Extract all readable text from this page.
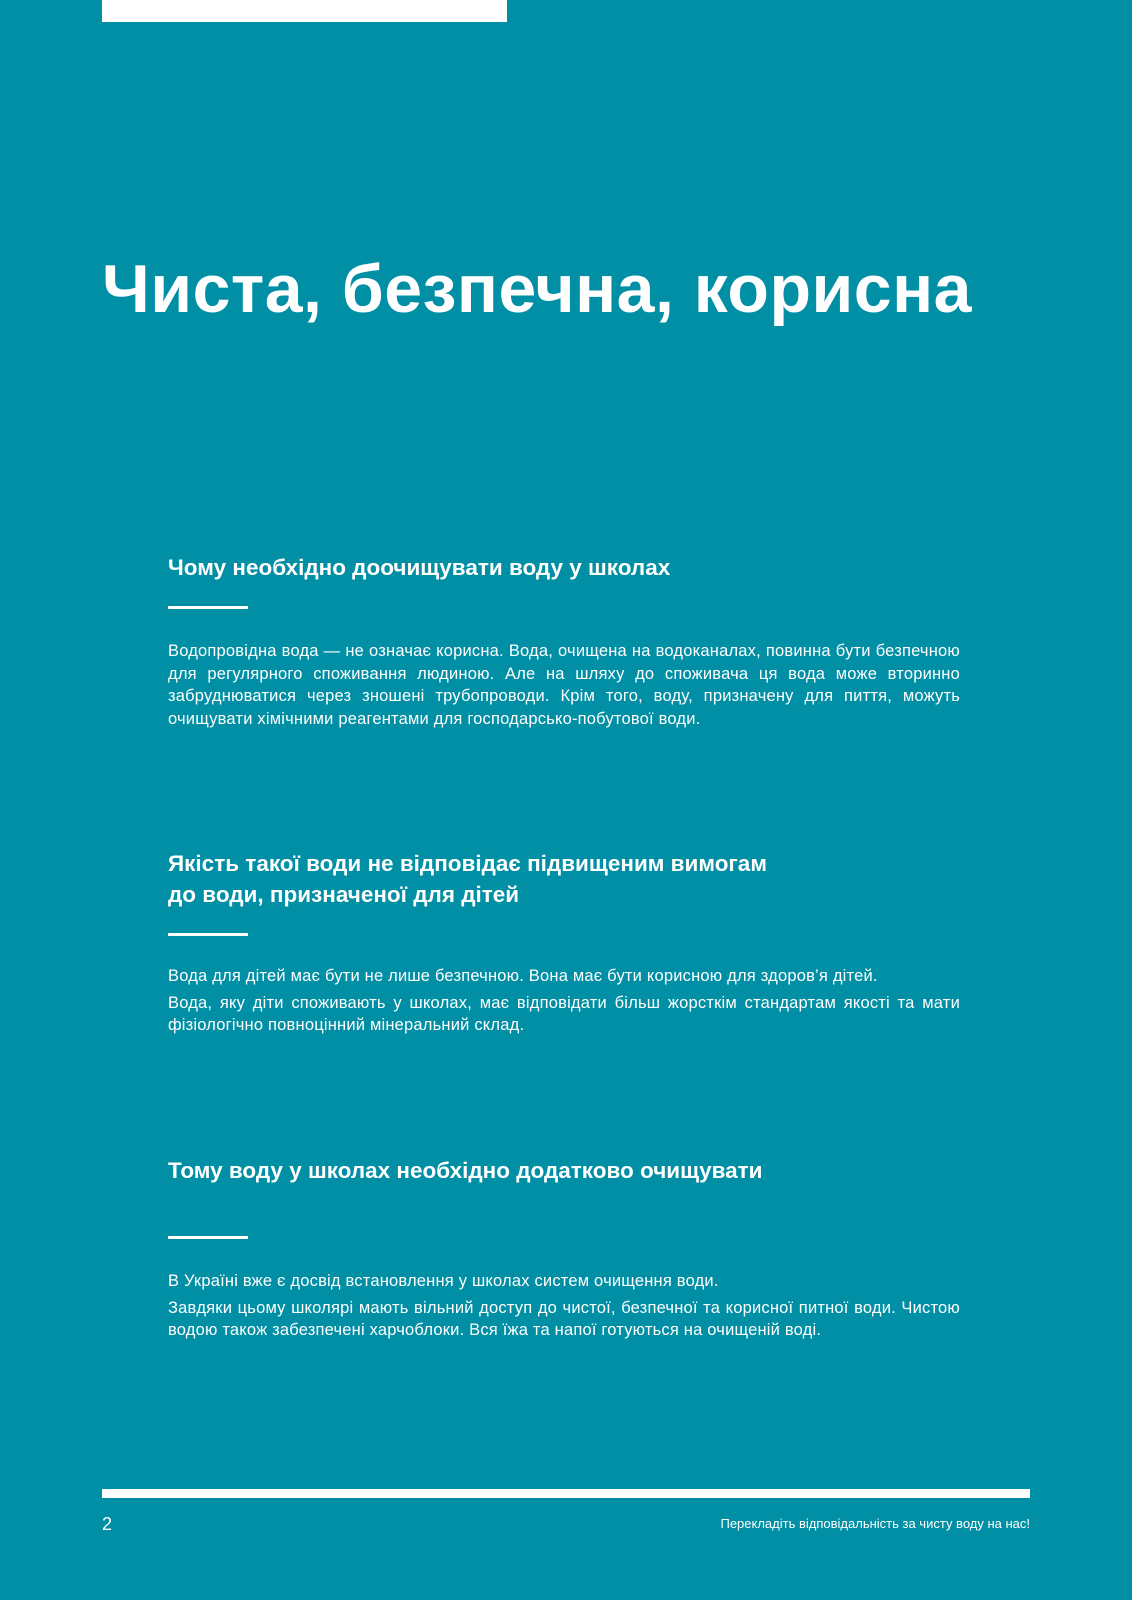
Чиста, безпечна, корисна
Чому необхідно доочищувати воду у школах

Водопровідна вода — не означає корисна. Вода, очищена на водоканалах, повинна бути безпечною для регулярного споживання людиною. Але на шляху до споживача ця вода може вторинно забруднюватися через зношені трубопроводи. Крім того, воду, призначену для пиття, можуть очищувати хімічними реагентами для господарсько-побутової води.

Якість такої води не відповідає підвищеним вимогам до води, призначеної для дітей

Вода для дітей має бути не лише безпечною. Вона має бути корисною для здоров’я дітей.

Вода, яку діти споживають у школах, має відповідати більш жорсткім стандартам якості та мати фізіологічно повноцінний мінеральний склад.

Тому воду у школах необхідно додатково очищувати

В Україні вже є досвід встановлення у школах систем очищення води.

Завдяки цьому школярі мають вільний доступ до чистої, безпечної та корисної питної води. Чистою водою також забезпечені харчоблоки. Вся їжа та напої готуються на очищеній воді.

2	Перекладіть відповідальність за чисту воду на нас!
